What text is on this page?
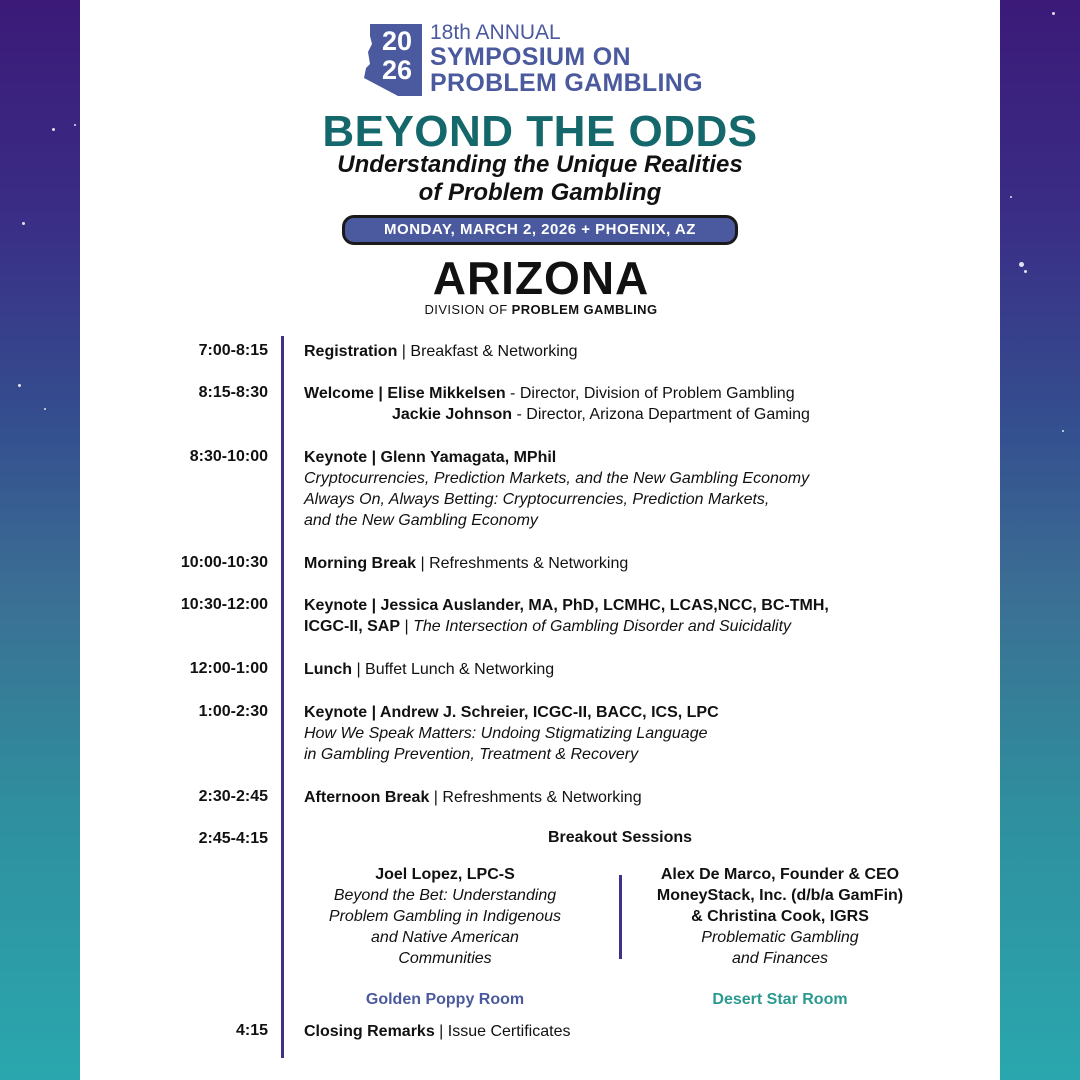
20
26
18th ANNUAL
SYMPOSIUM ON
PROBLEM GAMBLING
BEYOND THE ODDS
Understanding the Unique Realities
of Problem Gambling
MONDAY, MARCH 2, 2026 + PHOENIX, AZ
ARIZONA
DIVISION OF PROBLEM GAMBLING
7:00-8:15 Registration | Breakfast & Networking
8:15-8:30 Welcome | Elise Mikkelsen - Director, Division of Problem Gambling
Jackie Johnson - Director, Arizona Department of Gaming
8:30-10:00 Keynote | Glenn Yamagata, MPhil
Cryptocurrencies, Prediction Markets, and the New Gambling Economy
Always On, Always Betting: Cryptocurrencies, Prediction Markets,
and the New Gambling Economy
10:00-10:30 Morning Break | Refreshments & Networking
10:30-12:00 Keynote | Jessica Auslander, MA, PhD, LCMHC, LCAS,NCC, BC-TMH,
ICGC-II, SAP | The Intersection of Gambling Disorder and Suicidality
12:00-1:00 Lunch | Buffet Lunch & Networking
1:00-2:30 Keynote | Andrew J. Schreier, ICGC-II, BACC, ICS, LPC
How We Speak Matters: Undoing Stigmatizing Language
in Gambling Prevention, Treatment & Recovery
2:30-2:45 Afternoon Break | Refreshments & Networking
2:45-4:15	Breakout Sessions
Joel Lopez, LPC-S
Beyond the Bet: Understanding
Problem Gambling in Indigenous
and Native American
Communities
Alex De Marco, Founder & CEO
MoneyStack, Inc. (d/b/a GamFin)
& Christina Cook, IGRS
Problematic Gambling
and Finances
Golden Poppy Room	Desert Star Room
4:15 Closing Remarks | Issue Certificates
